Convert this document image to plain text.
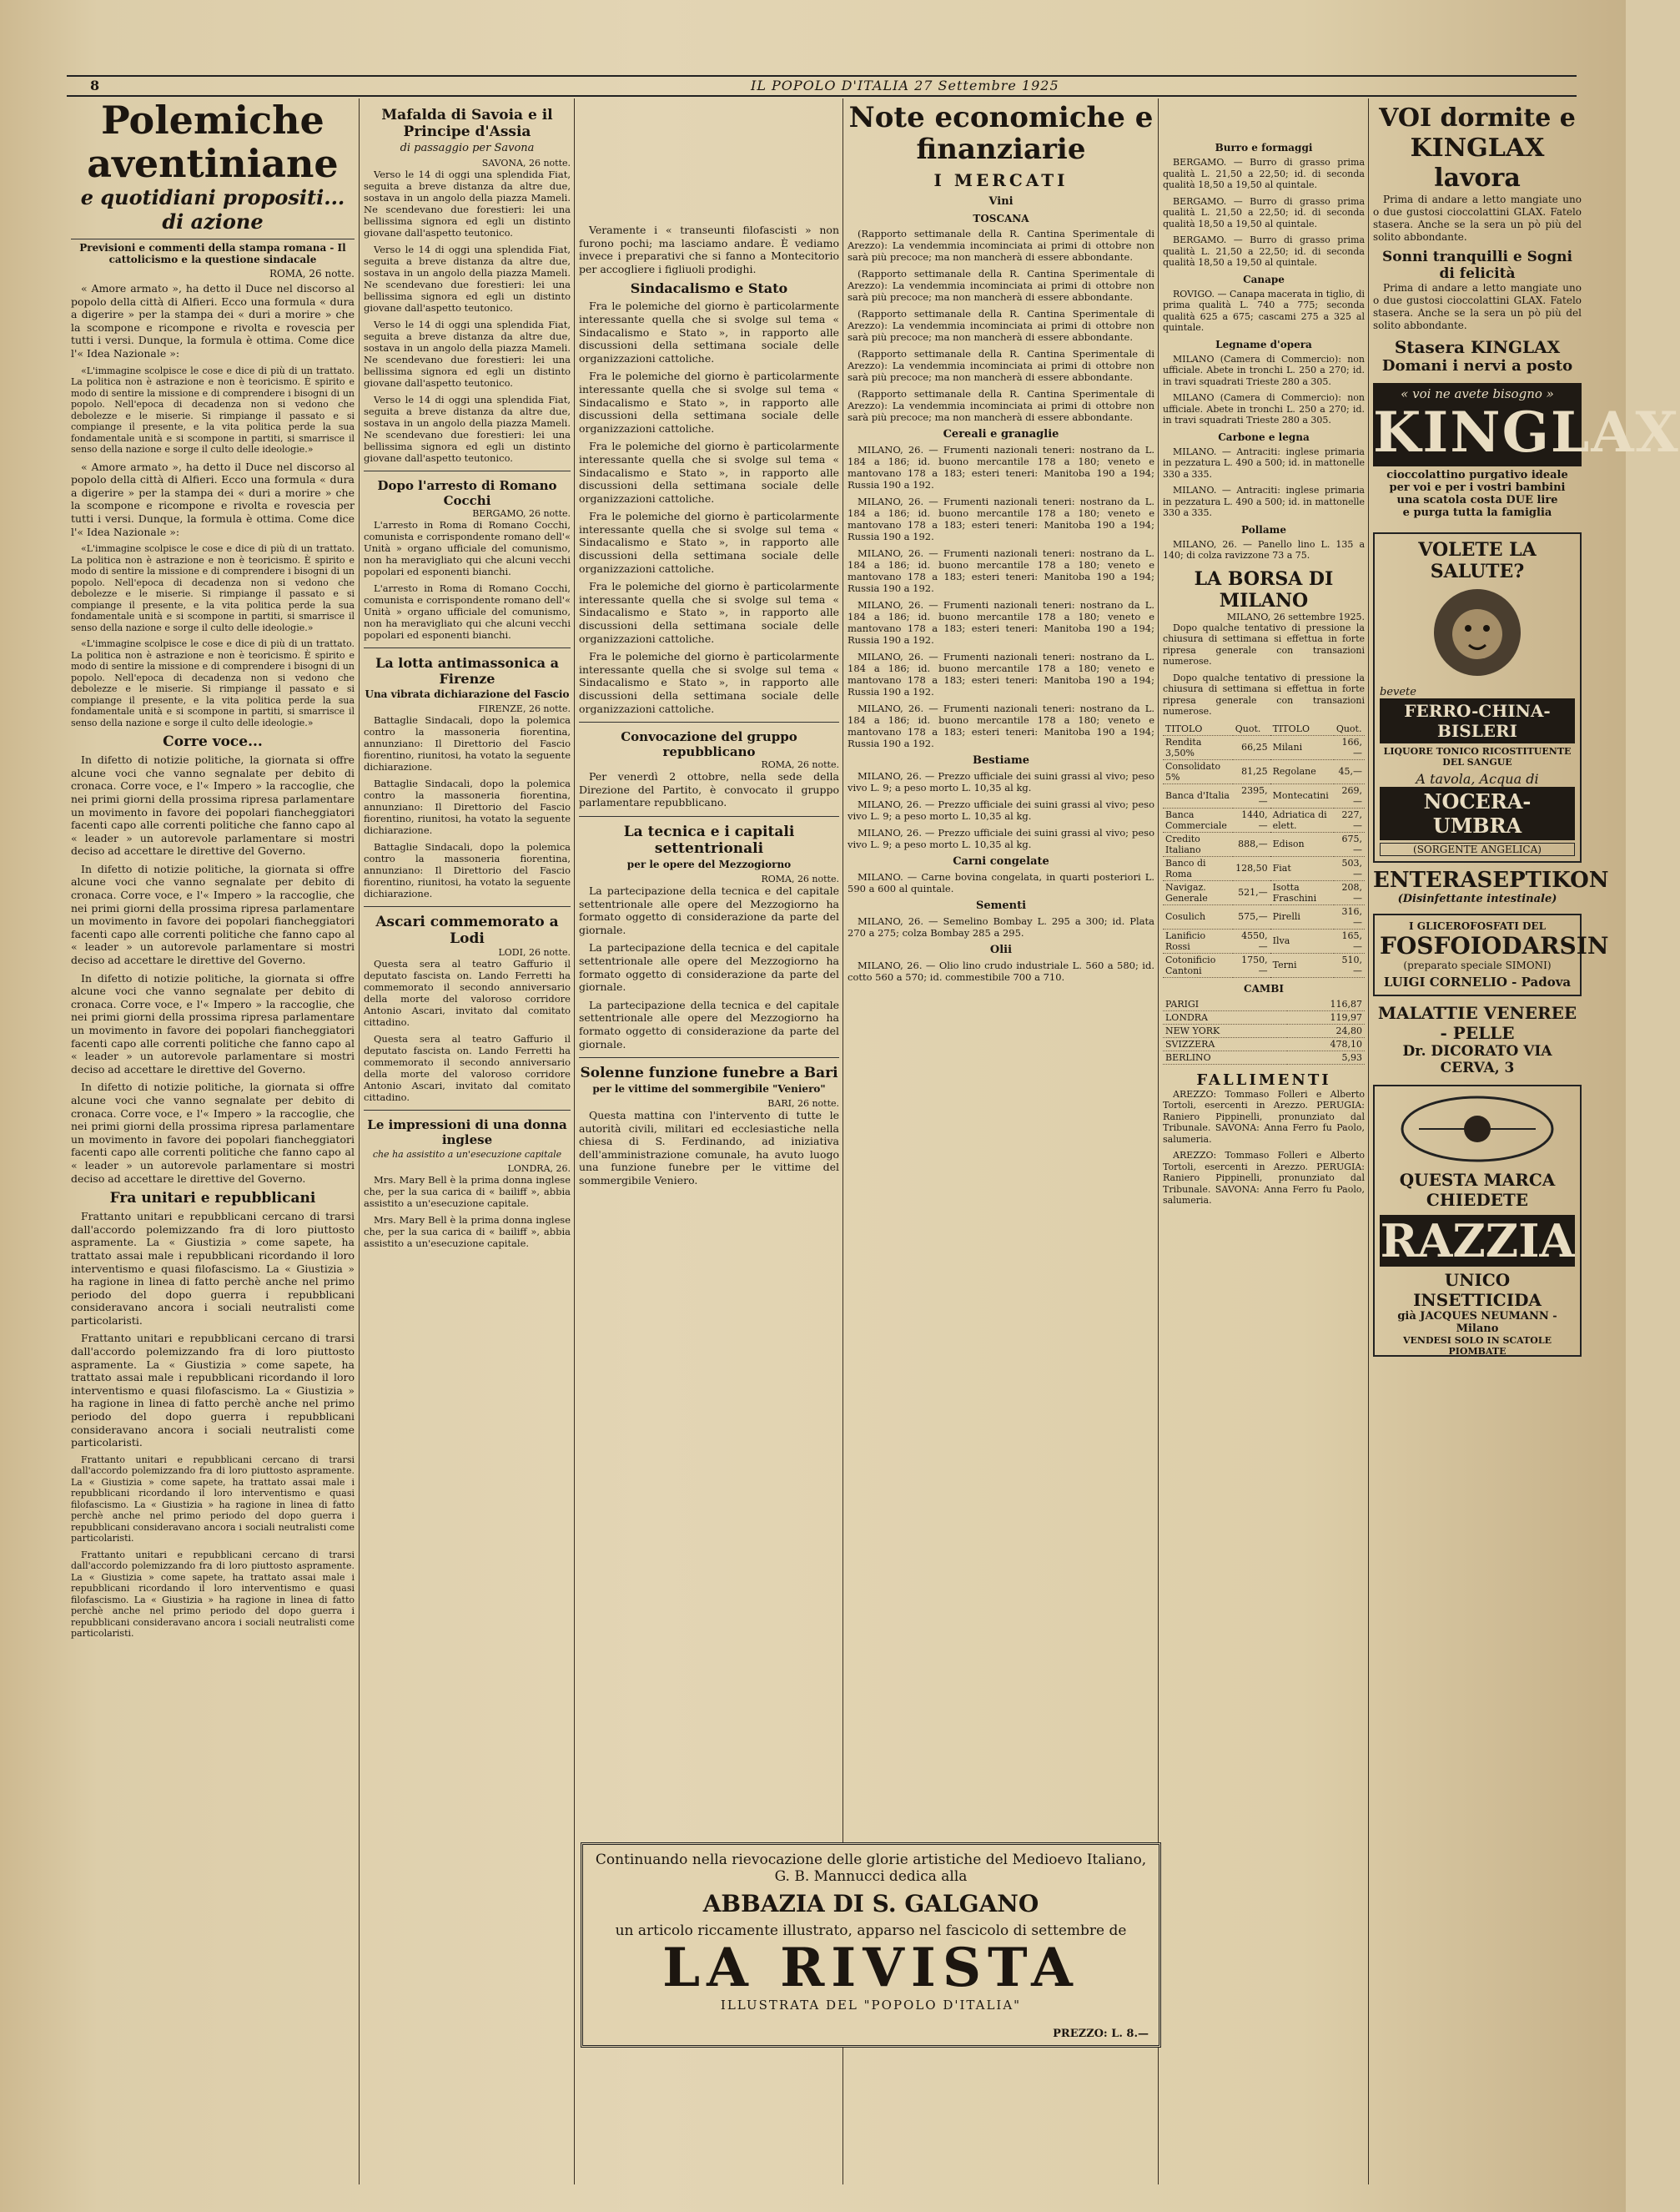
8	IL POPOLO D'ITALIA 27 Settembre 1925
Polemiche aventiniane
e quotidiani propositi... di azione
Previsioni e commenti della stampa romana - Il cattolicismo e la questione sindacale
ROMA, 26 notte.

« Amore armato », ha detto il Duce nel discorso al popolo della città di Alfieri. Ecco una formula « dura a digerire » per la stampa dei « duri a morire » che la scompone e ricompone e rivolta e rovescia per tutti i versi. Dunque, la formula è ottima. Come dice l'« Idea Nazionale »:

«L'immagine scolpisce le cose e dice di più di un trattato. La politica non è astrazione e non è teoricismo. È spirito e modo di sentire la missione e di comprendere i bisogni di un popolo. Nell'epoca di decadenza non si vedono che debolezze e le miserie. Si rimpiange il passato e si compiange il presente, e la vita politica perde la sua fondamentale unità e si scompone in partiti, si smarrisce il senso della nazione e sorge il culto delle ideologie.»

« Amore armato », ha detto il Duce nel discorso al popolo della città di Alfieri. Ecco una formula « dura a digerire » per la stampa dei « duri a morire » che la scompone e ricompone e rivolta e rovescia per tutti i versi. Dunque, la formula è ottima. Come dice l'« Idea Nazionale »:

«L'immagine scolpisce le cose e dice di più di un trattato. La politica non è astrazione e non è teoricismo. È spirito e modo di sentire la missione e di comprendere i bisogni di un popolo. Nell'epoca di decadenza non si vedono che debolezze e le miserie. Si rimpiange il passato e si compiange il presente, e la vita politica perde la sua fondamentale unità e si scompone in partiti, si smarrisce il senso della nazione e sorge il culto delle ideologie.»

«L'immagine scolpisce le cose e dice di più di un trattato. La politica non è astrazione e non è teoricismo. È spirito e modo di sentire la missione e di comprendere i bisogni di un popolo. Nell'epoca di decadenza non si vedono che debolezze e le miserie. Si rimpiange il passato e si compiange il presente, e la vita politica perde la sua fondamentale unità e si scompone in partiti, si smarrisce il senso della nazione e sorge il culto delle ideologie.»

Corre voce...

In difetto di notizie politiche, la giornata si offre alcune voci che vanno segnalate per debito di cronaca. Corre voce, e l'« Impero » la raccoglie, che nei primi giorni della prossima ripresa parlamentare un movimento in favore dei popolari fiancheggiatori facenti capo alle correnti politiche che fanno capo al « leader » un autorevole parlamentare si mostri deciso ad accettare le direttive del Governo.

In difetto di notizie politiche, la giornata si offre alcune voci che vanno segnalate per debito di cronaca. Corre voce, e l'« Impero » la raccoglie, che nei primi giorni della prossima ripresa parlamentare un movimento in favore dei popolari fiancheggiatori facenti capo alle correnti politiche che fanno capo al « leader » un autorevole parlamentare si mostri deciso ad accettare le direttive del Governo.

In difetto di notizie politiche, la giornata si offre alcune voci che vanno segnalate per debito di cronaca. Corre voce, e l'« Impero » la raccoglie, che nei primi giorni della prossima ripresa parlamentare un movimento in favore dei popolari fiancheggiatori facenti capo alle correnti politiche che fanno capo al « leader » un autorevole parlamentare si mostri deciso ad accettare le direttive del Governo.

In difetto di notizie politiche, la giornata si offre alcune voci che vanno segnalate per debito di cronaca. Corre voce, e l'« Impero » la raccoglie, che nei primi giorni della prossima ripresa parlamentare un movimento in favore dei popolari fiancheggiatori facenti capo alle correnti politiche che fanno capo al « leader » un autorevole parlamentare si mostri deciso ad accettare le direttive del Governo.

Fra unitari e repubblicani

Frattanto unitari e repubblicani cercano di trarsi dall'accordo polemizzando fra di loro piuttosto aspramente. La « Giustizia » come sapete, ha trattato assai male i repubblicani ricordando il loro interventismo e quasi filofascismo. La « Giustizia » ha ragione in linea di fatto perchè anche nel primo periodo del dopo guerra i repubblicani consideravano ancora i sociali neutralisti come particolaristi.

Frattanto unitari e repubblicani cercano di trarsi dall'accordo polemizzando fra di loro piuttosto aspramente. La « Giustizia » come sapete, ha trattato assai male i repubblicani ricordando il loro interventismo e quasi filofascismo. La « Giustizia » ha ragione in linea di fatto perchè anche nel primo periodo del dopo guerra i repubblicani consideravano ancora i sociali neutralisti come particolaristi.

Frattanto unitari e repubblicani cercano di trarsi dall'accordo polemizzando fra di loro piuttosto aspramente. La « Giustizia » come sapete, ha trattato assai male i repubblicani ricordando il loro interventismo e quasi filofascismo. La « Giustizia » ha ragione in linea di fatto perchè anche nel primo periodo del dopo guerra i repubblicani consideravano ancora i sociali neutralisti come particolaristi.

Frattanto unitari e repubblicani cercano di trarsi dall'accordo polemizzando fra di loro piuttosto aspramente. La « Giustizia » come sapete, ha trattato assai male i repubblicani ricordando il loro interventismo e quasi filofascismo. La « Giustizia » ha ragione in linea di fatto perchè anche nel primo periodo del dopo guerra i repubblicani consideravano ancora i sociali neutralisti come particolaristi.

Mafalda di Savoia e il Principe d'Assia
di passaggio per Savona
SAVONA, 26 notte.

Verso le 14 di oggi una splendida Fiat, seguita a breve distanza da altre due, sostava in un angolo della piazza Mameli. Ne scendevano due forestieri: lei una bellissima signora ed egli un distinto giovane dall'aspetto teutonico.

Verso le 14 di oggi una splendida Fiat, seguita a breve distanza da altre due, sostava in un angolo della piazza Mameli. Ne scendevano due forestieri: lei una bellissima signora ed egli un distinto giovane dall'aspetto teutonico.

Verso le 14 di oggi una splendida Fiat, seguita a breve distanza da altre due, sostava in un angolo della piazza Mameli. Ne scendevano due forestieri: lei una bellissima signora ed egli un distinto giovane dall'aspetto teutonico.

Verso le 14 di oggi una splendida Fiat, seguita a breve distanza da altre due, sostava in un angolo della piazza Mameli. Ne scendevano due forestieri: lei una bellissima signora ed egli un distinto giovane dall'aspetto teutonico.

Dopo l'arresto di Romano Cocchi
BERGAMO, 26 notte.

L'arresto in Roma di Romano Cocchi, comunista e corrispondente romano dell'« Unità » organo ufficiale del comunismo, non ha meravigliato qui che alcuni vecchi popolari ed esponenti bianchi.

L'arresto in Roma di Romano Cocchi, comunista e corrispondente romano dell'« Unità » organo ufficiale del comunismo, non ha meravigliato qui che alcuni vecchi popolari ed esponenti bianchi.

La lotta antimassonica a Firenze
Una vibrata dichiarazione del Fascio
FIRENZE, 26 notte.

Battaglie Sindacali, dopo la polemica contro la massoneria fiorentina, annunziano: Il Direttorio del Fascio fiorentino, riunitosi, ha votato la seguente dichiarazione.

Battaglie Sindacali, dopo la polemica contro la massoneria fiorentina, annunziano: Il Direttorio del Fascio fiorentino, riunitosi, ha votato la seguente dichiarazione.

Battaglie Sindacali, dopo la polemica contro la massoneria fiorentina, annunziano: Il Direttorio del Fascio fiorentino, riunitosi, ha votato la seguente dichiarazione.

Ascari commemorato a Lodi
LODI, 26 notte.

Questa sera al teatro Gaffurio il deputato fascista on. Lando Ferretti ha commemorato il secondo anniversario della morte del valoroso corridore Antonio Ascari, invitato dal comitato cittadino.

Questa sera al teatro Gaffurio il deputato fascista on. Lando Ferretti ha commemorato il secondo anniversario della morte del valoroso corridore Antonio Ascari, invitato dal comitato cittadino.

Le impressioni di una donna inglese
che ha assistito a un'esecuzione capitale
LONDRA, 26.

Mrs. Mary Bell è la prima donna inglese che, per la sua carica di « bailiff », abbia assistito a un'esecuzione capitale.

Mrs. Mary Bell è la prima donna inglese che, per la sua carica di « bailiff », abbia assistito a un'esecuzione capitale.

Veramente i « transeunti filofascisti » non furono pochi; ma lasciamo andare. È vediamo invece i preparativi che si fanno a Montecitorio per accogliere i figliuoli prodighi.

Sindacalismo e Stato

Fra le polemiche del giorno è particolarmente interessante quella che si svolge sul tema « Sindacalismo e Stato », in rapporto alle discussioni della settimana sociale delle organizzazioni cattoliche.

Fra le polemiche del giorno è particolarmente interessante quella che si svolge sul tema « Sindacalismo e Stato », in rapporto alle discussioni della settimana sociale delle organizzazioni cattoliche.

Fra le polemiche del giorno è particolarmente interessante quella che si svolge sul tema « Sindacalismo e Stato », in rapporto alle discussioni della settimana sociale delle organizzazioni cattoliche.

Fra le polemiche del giorno è particolarmente interessante quella che si svolge sul tema « Sindacalismo e Stato », in rapporto alle discussioni della settimana sociale delle organizzazioni cattoliche.

Fra le polemiche del giorno è particolarmente interessante quella che si svolge sul tema « Sindacalismo e Stato », in rapporto alle discussioni della settimana sociale delle organizzazioni cattoliche.

Fra le polemiche del giorno è particolarmente interessante quella che si svolge sul tema « Sindacalismo e Stato », in rapporto alle discussioni della settimana sociale delle organizzazioni cattoliche.

Convocazione del gruppo repubblicano
ROMA, 26 notte.

Per venerdì 2 ottobre, nella sede della Direzione del Partito, è convocato il gruppo parlamentare repubblicano.

La tecnica e i capitali settentrionali
per le opere del Mezzogiorno
ROMA, 26 notte.

La partecipazione della tecnica e del capitale settentrionale alle opere del Mezzogiorno ha formato oggetto di considerazione da parte del giornale.

La partecipazione della tecnica e del capitale settentrionale alle opere del Mezzogiorno ha formato oggetto di considerazione da parte del giornale.

La partecipazione della tecnica e del capitale settentrionale alle opere del Mezzogiorno ha formato oggetto di considerazione da parte del giornale.

Solenne funzione funebre a Bari
per le vittime del sommergibile "Veniero"
BARI, 26 notte.

Questa mattina con l'intervento di tutte le autorità civili, militari ed ecclesiastiche nella chiesa di S. Ferdinando, ad iniziativa dell'amministrazione comunale, ha avuto luogo una funzione funebre per le vittime del sommergibile Veniero.

Continuando nella rievocazione delle glorie artistiche del Medioevo Italiano, G. B. Mannucci dedica alla
ABBAZIA DI S. GALGANO
un articolo riccamente illustrato, apparso nel fascicolo di settembre de
LA RIVISTA
ILLUSTRATA DEL "POPOLO D'ITALIA"
PREZZO: L. 8.—
Note economiche e finanziarie
I MERCATI
Vini
TOSCANA

(Rapporto settimanale della R. Cantina Sperimentale di Arezzo): La vendemmia incominciata ai primi di ottobre non sarà più precoce; ma non mancherà di essere abbondante.

(Rapporto settimanale della R. Cantina Sperimentale di Arezzo): La vendemmia incominciata ai primi di ottobre non sarà più precoce; ma non mancherà di essere abbondante.

(Rapporto settimanale della R. Cantina Sperimentale di Arezzo): La vendemmia incominciata ai primi di ottobre non sarà più precoce; ma non mancherà di essere abbondante.

(Rapporto settimanale della R. Cantina Sperimentale di Arezzo): La vendemmia incominciata ai primi di ottobre non sarà più precoce; ma non mancherà di essere abbondante.

(Rapporto settimanale della R. Cantina Sperimentale di Arezzo): La vendemmia incominciata ai primi di ottobre non sarà più precoce; ma non mancherà di essere abbondante.

Cereali e granaglie

MILANO, 26. — Frumenti nazionali teneri: nostrano da L. 184 a 186; id. buono mercantile 178 a 180; veneto e mantovano 178 a 183; esteri teneri: Manitoba 190 a 194; Russia 190 a 192.

MILANO, 26. — Frumenti nazionali teneri: nostrano da L. 184 a 186; id. buono mercantile 178 a 180; veneto e mantovano 178 a 183; esteri teneri: Manitoba 190 a 194; Russia 190 a 192.

MILANO, 26. — Frumenti nazionali teneri: nostrano da L. 184 a 186; id. buono mercantile 178 a 180; veneto e mantovano 178 a 183; esteri teneri: Manitoba 190 a 194; Russia 190 a 192.

MILANO, 26. — Frumenti nazionali teneri: nostrano da L. 184 a 186; id. buono mercantile 178 a 180; veneto e mantovano 178 a 183; esteri teneri: Manitoba 190 a 194; Russia 190 a 192.

MILANO, 26. — Frumenti nazionali teneri: nostrano da L. 184 a 186; id. buono mercantile 178 a 180; veneto e mantovano 178 a 183; esteri teneri: Manitoba 190 a 194; Russia 190 a 192.

MILANO, 26. — Frumenti nazionali teneri: nostrano da L. 184 a 186; id. buono mercantile 178 a 180; veneto e mantovano 178 a 183; esteri teneri: Manitoba 190 a 194; Russia 190 a 192.

Bestiame

MILANO, 26. — Prezzo ufficiale dei suini grassi al vivo; peso vivo L. 9; a peso morto L. 10,35 al kg.

MILANO, 26. — Prezzo ufficiale dei suini grassi al vivo; peso vivo L. 9; a peso morto L. 10,35 al kg.

MILANO, 26. — Prezzo ufficiale dei suini grassi al vivo; peso vivo L. 9; a peso morto L. 10,35 al kg.

Carni congelate

MILANO. — Carne bovina congelata, in quarti posteriori L. 590 a 600 al quintale.

Sementi

MILANO, 26. — Semelino Bombay L. 295 a 300; id. Plata 270 a 275; colza Bombay 285 a 295.

Olii

MILANO, 26. — Olio lino crudo industriale L. 560 a 580; id. cotto 560 a 570; id. commestibile 700 a 710.

Burro e formaggi

BERGAMO. — Burro di grasso prima qualità L. 21,50 a 22,50; id. di seconda qualità 18,50 a 19,50 al quintale.

BERGAMO. — Burro di grasso prima qualità L. 21,50 a 22,50; id. di seconda qualità 18,50 a 19,50 al quintale.

BERGAMO. — Burro di grasso prima qualità L. 21,50 a 22,50; id. di seconda qualità 18,50 a 19,50 al quintale.

Canape

ROVIGO. — Canapa macerata in tiglio, di prima qualità L. 740 a 775; seconda qualità 625 a 675; cascami 275 a 325 al quintale.

Legname d'opera

MILANO (Camera di Commercio): non ufficiale. Abete in tronchi L. 250 a 270; id. in travi squadrati Trieste 280 a 305.

MILANO (Camera di Commercio): non ufficiale. Abete in tronchi L. 250 a 270; id. in travi squadrati Trieste 280 a 305.

Carbone e legna

MILANO. — Antraciti: inglese primaria in pezzatura L. 490 a 500; id. in mattonelle 330 a 335.

MILANO. — Antraciti: inglese primaria in pezzatura L. 490 a 500; id. in mattonelle 330 a 335.

Pollame

MILANO, 26. — Panello lino L. 135 a 140; di colza ravizzone 73 a 75.

LA BORSA DI MILANO
MILANO, 26 settembre 1925.

Dopo qualche tentativo di pressione la chiusura di settimana si effettua in forte ripresa generale con transazioni numerose.

Dopo qualche tentativo di pressione la chiusura di settimana si effettua in forte ripresa generale con transazioni numerose.

TITOLO	Quot.	TITOLO	Quot.
Rendita 3,50%	66,25	Milani	166,—
Consolidato 5%	81,25	Regolane	45,—
Banca d'Italia	2395,—	Montecatini	269,—
Banca Commerciale	1440,—	Adriatica di elett.	227,—
Credito Italiano	888,—	Edison	675,—
Banco di Roma	128,50	Fiat	503,—
Navigaz. Generale	521,—	Isotta Fraschini	208,—
Cosulich	575,—	Pirelli	316,—
Lanificio Rossi	4550,—	Ilva	165,—
Cotonificio Cantoni	1750,—	Terni	510,—
CAMBI
PARIGI	116,87
LONDRA	119,97
NEW YORK	24,80
SVIZZERA	478,10
BERLINO	5,93
FALLIMENTI

AREZZO: Tommaso Folleri e Alberto Tortoli, esercenti in Arezzo. PERUGIA: Raniero Pippinelli, pronunziato dal Tribunale. SAVONA: Anna Ferro fu Paolo, salumeria.

AREZZO: Tommaso Folleri e Alberto Tortoli, esercenti in Arezzo. PERUGIA: Raniero Pippinelli, pronunziato dal Tribunale. SAVONA: Anna Ferro fu Paolo, salumeria.

VOI dormite e KINGLAX lavora

Prima di andare a letto mangiate uno o due gustosi cioccolattini GLAX. Fatelo stasera. Anche se la sera un pò più del solito abbondante.

Sonni tranquilli e Sogni di felicità

Prima di andare a letto mangiate uno o due gustosi cioccolattini GLAX. Fatelo stasera. Anche se la sera un pò più del solito abbondante.

Stasera KINGLAX
Domani i nervi a posto
« voi ne avete bisogno »
KINGLAX
cioccolattino purgativo ideale
per voi e per i vostri bambini
una scatola costa DUE lire
e purga tutta la famiglia
VOLETE LA SALUTE?
bevete
FERRO-CHINA-BISLERI
LIQUORE TONICO RICOSTITUENTE DEL SANGUE
A tavola, Acqua di
NOCERA-UMBRA
(SORGENTE ANGELICA)
ENTERASEPTIKON
(Disinfettante intestinale)
I GLICEROFOSFATI DEL
FOSFOIODARSIN
(preparato speciale SIMONI)
LUIGI CORNELIO - Padova
MALATTIE VENEREE - PELLE
Dr. DICORATO VIA CERVA, 3
QUESTA MARCA CHIEDETE
RAZZIA
UNICO INSETTICIDA
già JACQUES NEUMANN - Milano
VENDESI SOLO IN SCATOLE PIOMBATE
